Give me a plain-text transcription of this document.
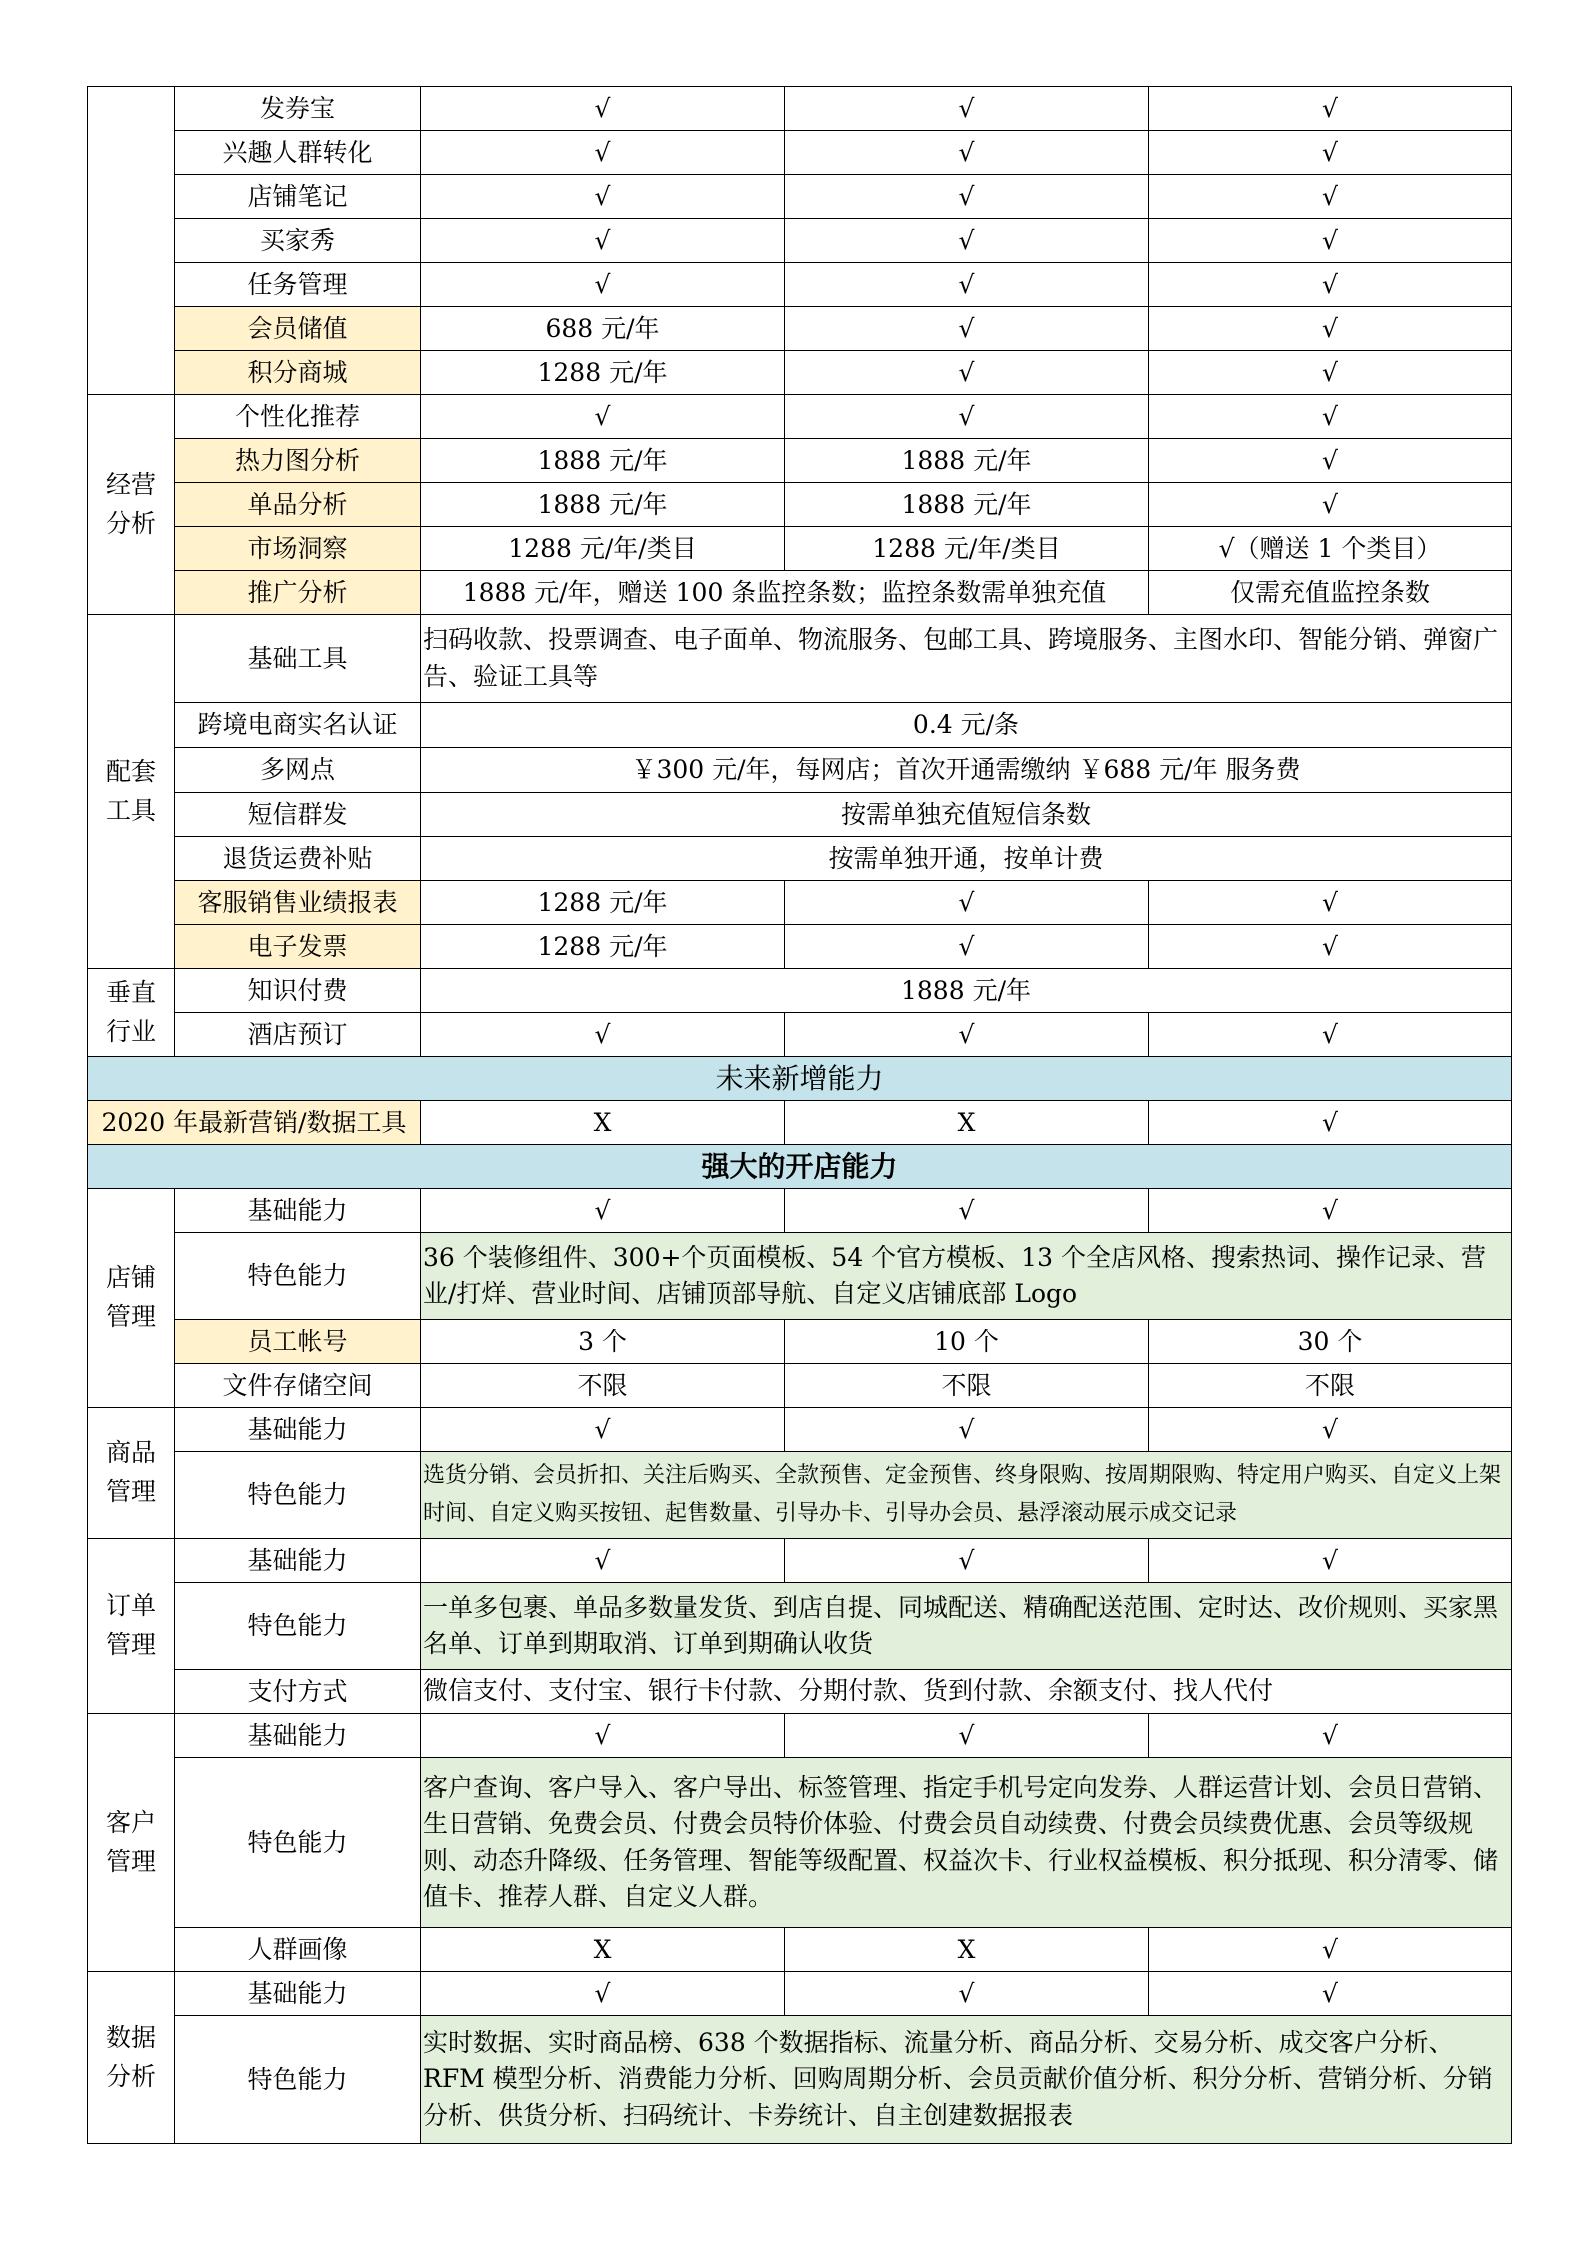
	发券宝	√	√	√
	兴趣人群转化	√	√	√
	店铺笔记	√	√	√
	买家秀	√	√	√
	任务管理	√	√	√
	会员储值	688 元/年	√	√
	积分商城	1288 元/年	√	√
经营
分析	个性化推荐	√	√	√
	热力图分析	1888 元/年	1888 元/年	√
	单品分析	1888 元/年	1888 元/年	√
	市场洞察	1288 元/年/类目	1288 元/年/类目	√（赠送 1 个类目）
	推广分析	1888 元/年，赠送 100 条监控条数；监控条数需单独充值		仅需充值监控条数
配套
工具	基础工具	扫码收款、投票调查、电子面单、物流服务、包邮工具、跨境服务、主图水印、智能分销、弹窗广告、验证工具等		
	跨境电商实名认证	0.4 元/条		
	多网点	￥300 元/年，每网店；首次开通需缴纳 ￥688 元/年 服务费		
	短信群发	按需单独充值短信条数		
	退货运费补贴	按需单独开通，按单计费		
	客服销售业绩报表	1288 元/年	√	√
	电子发票	1288 元/年	√	√
垂直
行业	知识付费	1888 元/年		
	酒店预订	√	√	√
未来新增能力				
2020 年最新营销/数据工具		X	X	√
强大的开店能力				
店铺
管理	基础能力	√	√	√
	特色能力	36 个装修组件、300+个页面模板、54 个官方模板、13 个全店风格、搜索热词、操作记录、营业/打烊、营业时间、店铺顶部导航、自定义店铺底部 Logo		
	员工帐号	3 个	10 个	30 个
	文件存储空间	不限	不限	不限
商品
管理	基础能力	√	√	√
	特色能力	选货分销、会员折扣、关注后购买、全款预售、定金预售、终身限购、按周期限购、特定用户购买、自定义上架时间、自定义购买按钮、起售数量、引导办卡、引导办会员、悬浮滚动展示成交记录		
订单
管理	基础能力	√	√	√
	特色能力	一单多包裹、单品多数量发货、到店自提、同城配送、精确配送范围、定时达、改价规则、买家黑名单、订单到期取消、订单到期确认收货		
	支付方式	微信支付、支付宝、银行卡付款、分期付款、货到付款、余额支付、找人代付		
客户
管理	基础能力	√	√	√
	特色能力	客户查询、客户导入、客户导出、标签管理、指定手机号定向发券、人群运营计划、会员日营销、生日营销、免费会员、付费会员特价体验、付费会员自动续费、付费会员续费优惠、会员等级规则、动态升降级、任务管理、智能等级配置、权益次卡、行业权益模板、积分抵现、积分清零、储值卡、推荐人群、自定义人群。		
	人群画像	X	X	√
数据
分析	基础能力	√	√	√
	特色能力	实时数据、实时商品榜、638 个数据指标、流量分析、商品分析、交易分析、成交客户分析、RFM 模型分析、消费能力分析、回购周期分析、会员贡献价值分析、积分分析、营销分析、分销分析、供货分析、扫码统计、卡券统计、自主创建数据报表		
